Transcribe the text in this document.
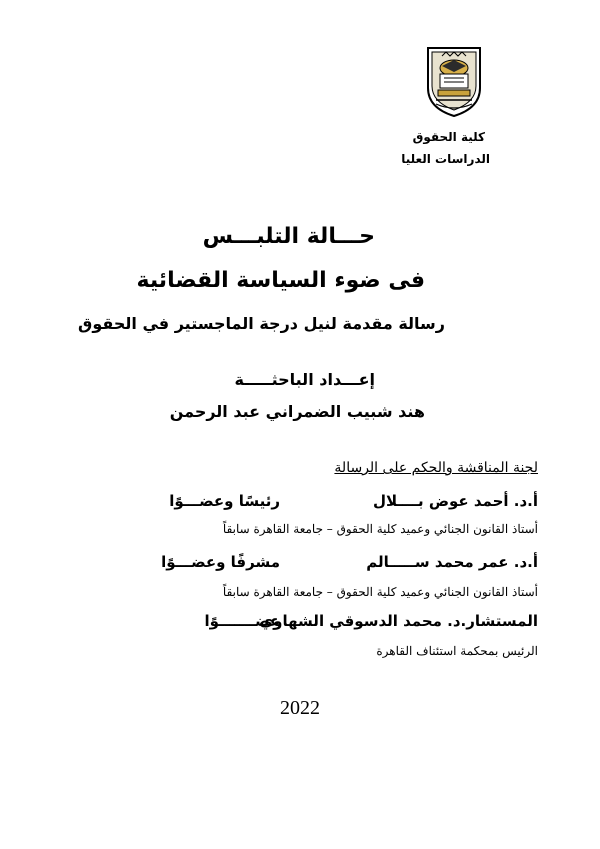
كلية الحقوق
الدراسات العليا
حـــالة التلبـــس
فى ضوء السياسة القضائية
رسالة مقدمة لنيل درجة الماجستير في الحقوق
إعـــداد الباحثـــــة
هند شبيب الضمراني عبد الرحمن
لجنة المناقشة والحكم على الرسالة
أ.د. أحمد عوض بــــلال
رئيسًا وعضـــوًا
أستاذ القانون الجنائي وعميد كلية الحقوق – جامعة القاهرة سابقاً
أ.د. عمر محمد ســـــالم
مشرفًا وعضـــوًا
أستاذ القانون الجنائي وعميد كلية الحقوق – جامعة القاهرة سابقاً
المستشار.د. محمد الدسوقي الشهاوي
عضـــــــوًا
الرئيس بمحكمة استئناف القاهرة
2022
